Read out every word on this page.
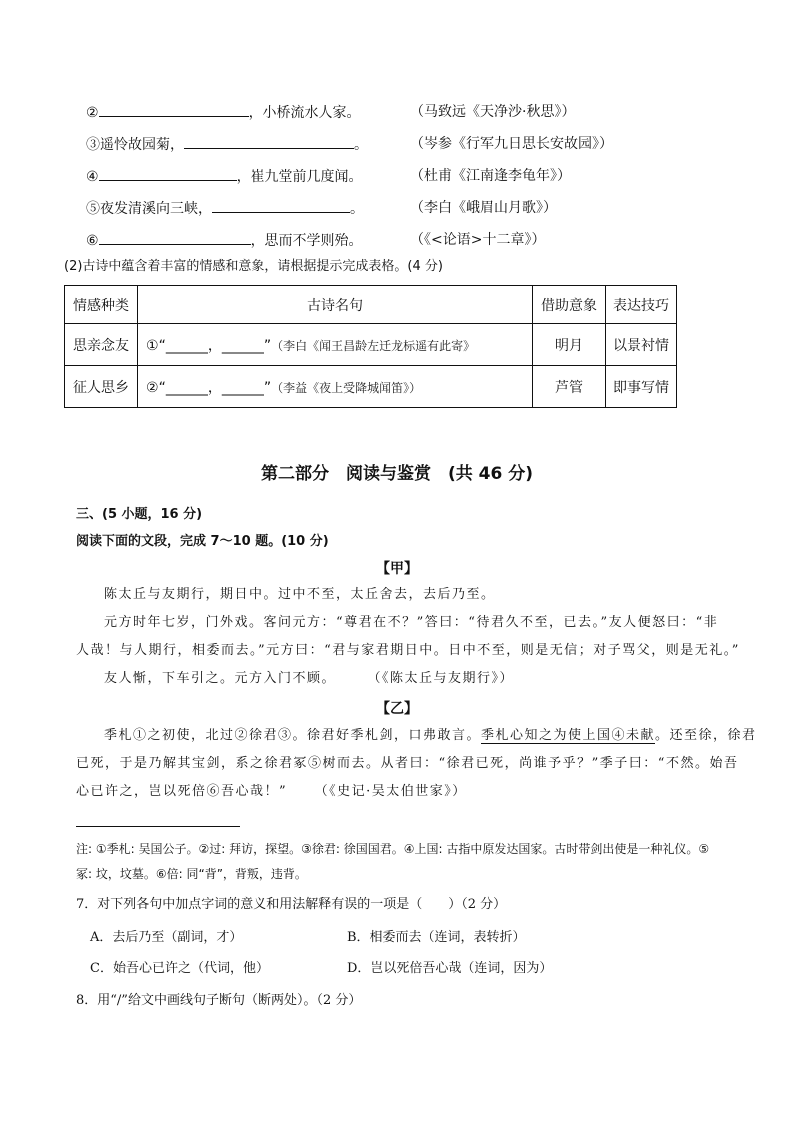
②	，小桥流水人家。	（马致远《天净沙·秋思》）
③遥怜故园菊，	。	（岑参《行军九日思长安故园》）
④	，崔九堂前几度闻。	（杜甫《江南逢李龟年》）
⑤夜发清溪向三峡，	。	（李白《峨眉山月歌》）
⑥	，思而不学则殆。	（《<论语>十二章》）
(2)古诗中蕴含着丰富的情感和意象，请根据提示完成表格。(4 分)
情感种类	古诗名句	借助意象	表达技巧
思亲念友	①“______，______”（李白《闻王昌龄左迁龙标遥有此寄》	明月	以景衬情
征人思乡	②“______，______”（李益《夜上受降城闻笛》）	芦管	即事写情
第二部分　阅读与鉴赏　(共 46 分)
三、(5 小题，16 分)
阅读下面的文段，完成 7～10 题。(10 分)
【甲】
陈太丘与友期行，期日中。过中不至，太丘舍去，去后乃至。
元方时年七岁，门外戏。客问元方：“尊君在不？”答曰：“待君久不至，已去。”友人便怒曰：“非
人哉！与人期行，相委而去。”元方曰：“君与家君期日中。日中不至，则是无信；对子骂父，则是无礼。”
友人惭，下车引之。元方入门不顾。	（《陈太丘与友期行》）
【乙】
季札①之初使，北过②徐君③。徐君好季札剑，口弗敢言。季札心知之为使上国④未献。还至徐，徐君
已死，于是乃解其宝剑，系之徐君冢⑤树而去。从者曰：“徐君已死，尚谁予乎？”季子曰：“不然。始吾
心已许之，岂以死倍⑥吾心哉！”	（《史记·吴太伯世家》）
注: ①季札: 吴国公子。②过: 拜访，探望。③徐君: 徐国国君。④上国: 古指中原发达国家。古时带剑出使是一种礼仪。⑤
冢: 坟，坟墓。⑥倍: 同“背”，背叛，违背。
7．对下列各句中加点字词的意义和用法解释有误的一项是（　　）（2 分）
A．去后乃至（副词，才）	B．相委而去（连词，表转折）
C．始吾心已许之（代词，他）	D．岂以死倍吾心哉（连词，因为）
8．用“/”给文中画线句子断句（断两处）。（2 分）
